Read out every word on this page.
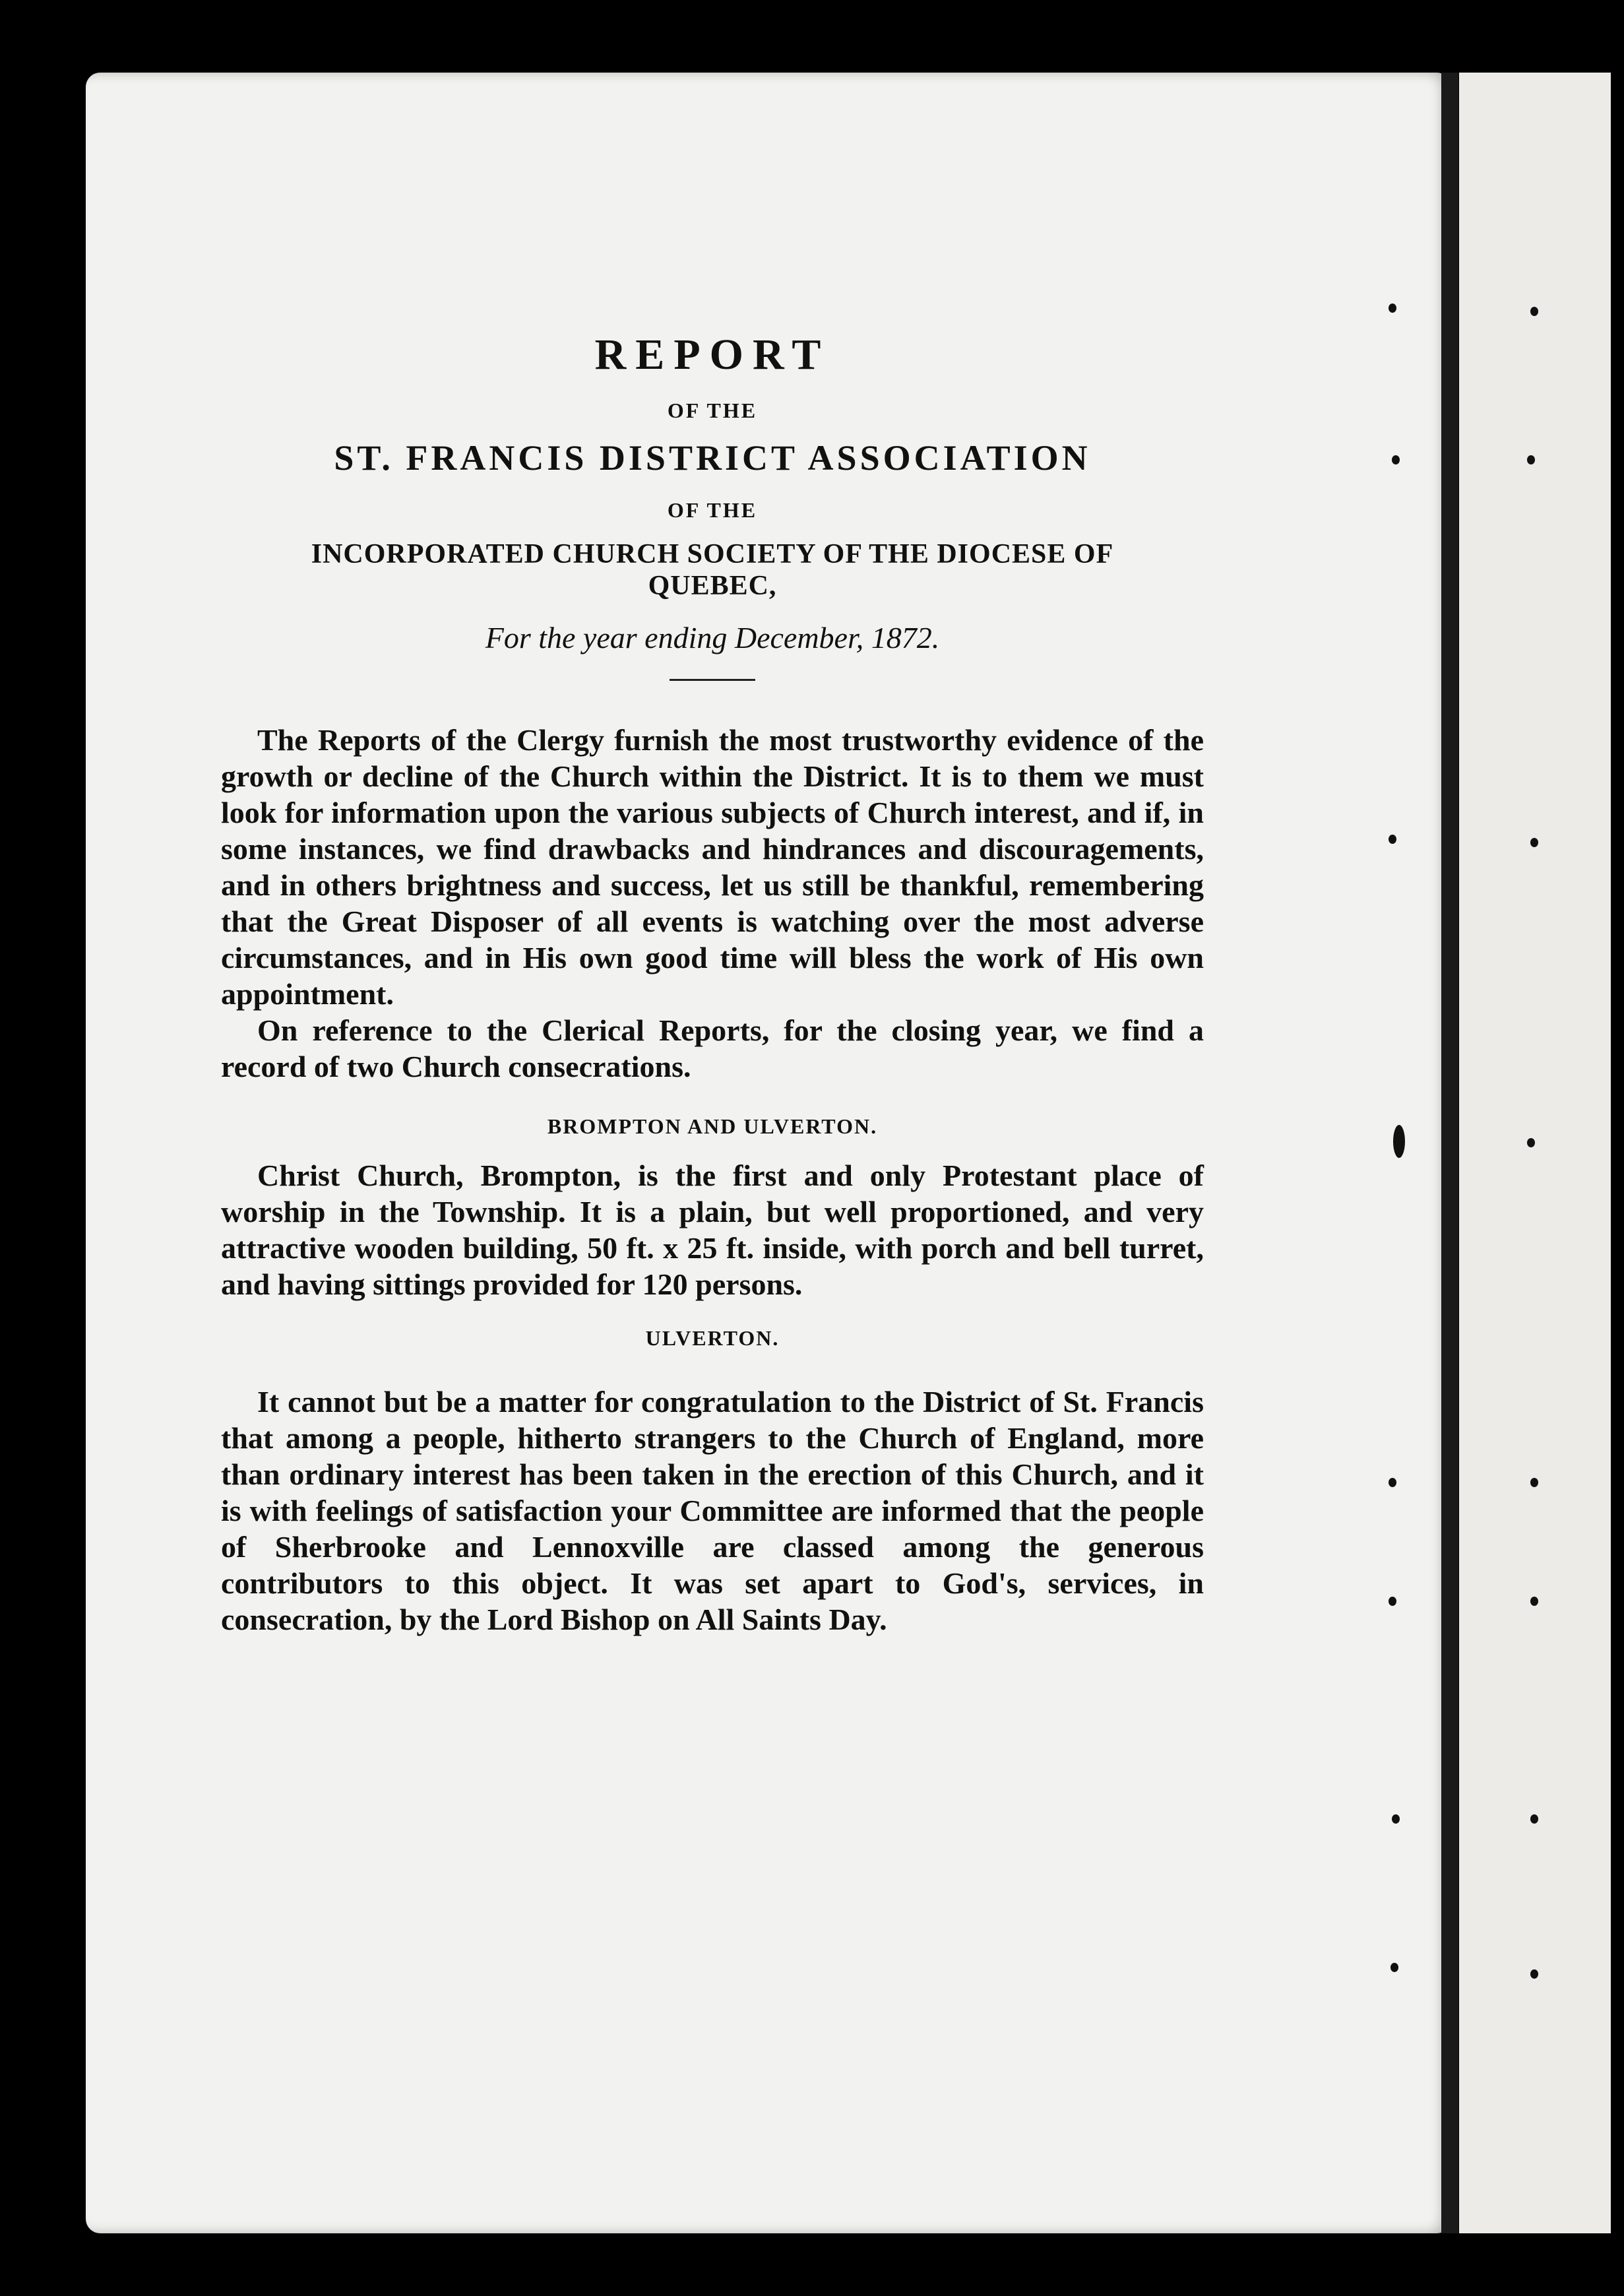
REPORT

OF THE

ST. FRANCIS DISTRICT ASSOCIATION

OF THE

INCORPORATED CHURCH SOCIETY OF THE DIOCESE OF

QUEBEC,

For the year ending December, 1872.

The Reports of the Clergy furnish the most trustworthy evidence of the growth or decline of the Church within the District. It is to them we must look for information upon the various subjects of Church interest, and if, in some instances, we find drawbacks and hindrances and discouragements, and in others brightness and success, let us still be thankful, remembering that the Great Disposer of all events is watching over the most adverse circumstances, and in His own good time will bless the work of His own appointment.

On reference to the Clerical Reports, for the closing year, we find a record of two Church consecrations.

BROMPTON AND ULVERTON.

Christ Church, Brompton, is the first and only Protestant place of worship in the Township. It is a plain, but well proportioned, and very attractive wooden building, 50 ft. x 25 ft. inside, with porch and bell turret, and having sittings provided for 120 persons.

ULVERTON.

It cannot but be a matter for congratulation to the District of St. Francis that among a people, hitherto strangers to the Church of England, more than ordinary interest has been taken in the erection of this Church, and it is with feelings of satisfaction your Committee are informed that the people of Sherbrooke and Lennoxville are classed among the generous contributors to this object. It was set apart to God's, services, in consecration, by the Lord Bishop on All Saints Day.
